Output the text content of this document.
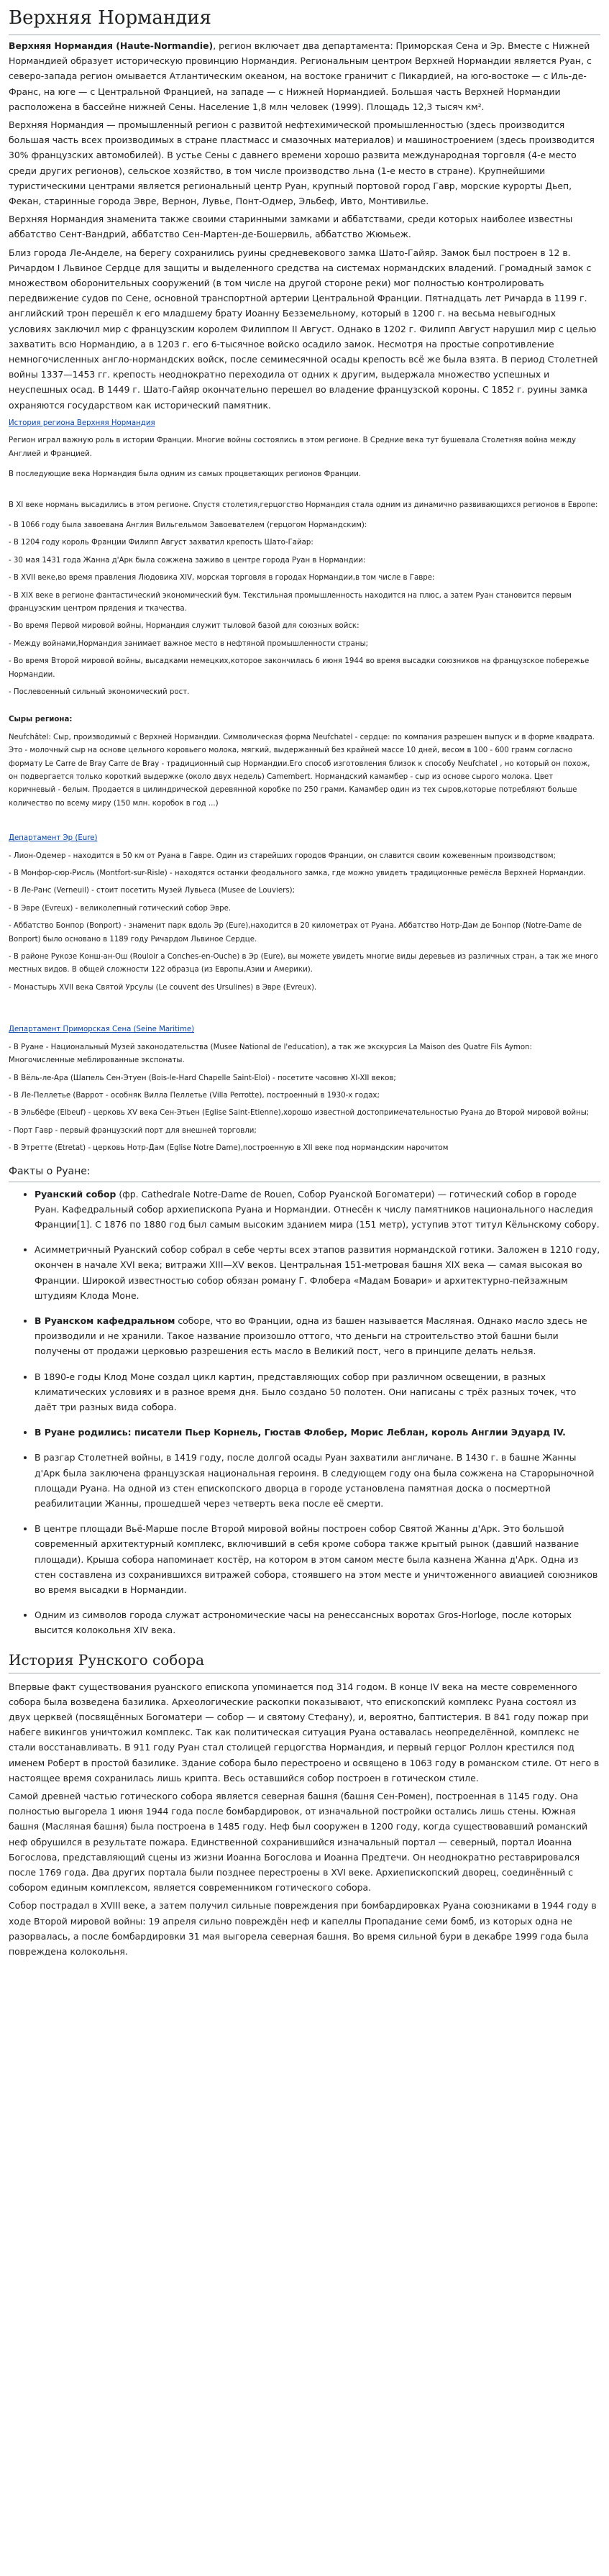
Верхняя Нормандия

Верхняя Нормандия (Haute-Normandie), регион включает два департамента: Приморская Сена и Эр. Вместе с Нижней Нормандией образует историческую провинцию Нормандия. Региональным центром Верхней Нормандии является Руан, с северо-запада регион омывается Атлантическим океаном, на востоке граничит с Пикардией, на юго-востоке — с Иль-де-Франс, на юге — с Центральной Францией, на западе — с Нижней Нормандией. Большая часть Верхней Нормандии расположена в бассейне нижней Сены. Население 1,8 млн человек (1999). Площадь 12,3 тысяч км².

Верхняя Нормандия — промышленный регион с развитой нефтехимической промышленностью (здесь производится большая часть всех производимых в стране пластмасс и смазочных материалов) и машиностроением (здесь производится 30% французских автомобилей). В устье Сены с давнего времени хорошо развита международная торговля (4-е место среди других регионов), сельское хозяйство, в том числе производство льна (1-е место в стране). Крупнейшими туристическими центрами является региональный центр Руан, крупный портовой город Гавр, морские курорты Дьеп, Фекан, старинные города Эвре, Вернон, Лувье, Понт-Одмер, Эльбеф, Ивто, Монтивилье.

Верхняя Нормандия знаменита также своими старинными замками и аббатствами, среди которых наиболее известны аббатство Сент-Вандрий, аббатство Сен-Мартен-де-Бошервиль, аббатство Жюмьеж.

Близ города Ле-Анделе, на берегу сохранились руины средневекового замка Шато-Гайяр. Замок был построен в 12 в. Ричардом I Львиное Сердце для защиты и выделенного средства на системах нормандских владений. Громадный замок с множеством оборонительных сооружений (в том числе на другой стороне реки) мог полностью контролировать передвижение судов по Сене, основной транспортной артерии Центральной Франции. Пятнадцать лет Ричарда в 1199 г. английский трон перешёл к его младшему брату Иоанну Безземельному, который в 1200 г. на весьма невыгодных условиях заключил мир с французским королем Филиппом II Август. Однако в 1202 г. Филипп Август нарушил мир с целью захватить всю Нормандию, а в 1203 г. его 6-тысячное войско осадило замок. Несмотря на простые сопротивление немногочисленных англо-нормандских войск, после семимесячной осады крепость всё же была взята. В период Столетней войны 1337—1453 гг. крепость неоднократно переходила от одних к другим, выдержала множество успешных и неуспешных осад. В 1449 г. Шато-Гайяр окончательно перешел во владение французской короны. С 1852 г. руины замка охраняются государством как исторический памятник.

История региона Верхняя Нормандия

Регион играл важную роль в истории Франции. Многие войны состоялись в этом регионе. В Средние века тут бушевала Столетняя война между Англией и Францией.

В последующие века Нормандия была одним из самых процветающих регионов Франции.

В XI веке нормань высадились в этом регионе. Спустя столетия,герцогство Нормандия стала одним из динамично развивающихся регионов в Европе:

- В 1066 году была завоевана Англия Вильгельмом Завоевателем (герцогом Нормандским):
- В 1204 году король Франции Филипп Август захватил крепость Шато-Гайар:
- 30 мая 1431 года Жанна д'Арк была сожжена заживо в центре города Руан в Нормандии:
- В XVII веке,во время правления Людовика XIV, морская торговля в городах Нормандии,в том числе в Гавре:
- В XIX веке в регионе фантастический экономический бум. Текстильная промышленность находится на плюс, а затем Руан становится первым французским центром прядения и ткачества.
- Во время Первой мировой войны, Нормандия служит тыловой базой для союзных войск:
- Между войнами,Нормандия занимает важное место в нефтяной промышленности страны;
- Во время Второй мировой войны, высадками немецких,которое закончилась 6 июня 1944 во время высадки союзников на французское побережье Нормандии.
- Послевоенный сильный экономический рост.
Сыры региона:

Neufchâtel: Сыр, производимый с Верхней Нормандии. Символическая форма Neufchatel - сердце: по компания разрешен выпуск и в форме квадрата. Это - молочный сыр на основе цельного коровьего молока, мягкий, выдержанный без крайней массе 10 дней, весом в 100 - 600 грамм согласно формату Le Carre de Bray Carre de Bray - традиционный сыр Нормандии.Его способ изготовления близок к способу Neufchatel , но который он похож, он подвергается только короткий выдержке (около двух недель) Camembert. Нормандский камамбер - сыр из основе сырого молока. Цвет коричневый - белым. Продается в цилиндрической деревянной коробке по 250 грамм. Камамбер один из тех сыров,которые потребляют больше количество по всему миру (150 млн. коробок в год ...)

Департамент Эр (Eure)
- Лион-Одемер - находится в 50 км от Руана в Гавре. Один из старейших городов Франции, он славится своим кожевенным производством;
- В Монфор-сюр-Рисль (Montfort-sur-Risle) - находятся останки феодального замка, где можно увидеть традиционные ремёсла Верхней Нормандии.
- В Ле-Ранс (Verneuil) - стоит посетить Музей Лувьеса (Musee de Louviers);
- В Эвре (Evreux) - великолепный готический собор Эвре.
- Аббатство Бонпор (Bonport) - знаменит парк вдоль Эр (Eure),находится в 20 километрах от Руана. Аббатство Нотр-Дам де Бонпор (Notre-Dame de Bonport) было основано в 1189 году Ричардом Львиное Сердце.
- В районе Рукозе Конш-ан-Ош (Rouloir a Conches-en-Ouche) в Эр (Eure), вы можете увидеть многие виды деревьев из различных стран, а так же много местных видов. В общей сложности 122 образца (из Европы,Азии и Америки).
- Монастырь XVII века Святой Урсулы (Le couvent des Ursulines) в Эвре (Evreux).
Департамент Приморская Сена (Seine Maritime)
- В Руане - Национальный Музей законодательства (Musee National de l'education), а так же экскурсия La Maison des Quatre Fils Aymon: Многочисленные меблированные экспонаты.
- В Вёль-ле-Ара (Шапель Сен-Этуен (Bois-le-Hard Chapelle Saint-Eloi) - посетите часовню XI-XII веков;
- В Ле-Пеллетье (Варрот - особняк Вилла Пеллетье (Villa Perrotte), построенный в 1930-х годах;
- В Эльбёфе (Elbeuf) - церковь XV века Сен-Этьен (Eglise Saint-Etienne),хорошо известной достопримечательностью Руана до Второй мировой войны;
- Порт Гавр - первый французский порт для внешней торговли;
- В Этретте (Etretat) - церковь Нотр-Дам (Eglise Notre Dame),построенную в XII веке под нормандским нарочитом
Факты о Руане:
• Руанский собор (фр. Cathedrale Notre-Dame de Rouen, Собор Руанской Богоматери) — готический собор в городе Руан. Кафедральный собор архиепископа Руана и Нормандии. Отнесён к числу памятников национального наследия Франции[1]. С 1876 по 1880 год был самым высоким зданием мира (151 метр), уступив этот титул Кёльнскому собору.
• Асимметричный Руанский собор собрал в себе черты всех этапов развития нормандской готики. Заложен в 1210 году, окончен в начале XVI века; витражи XIII—XV веков. Центральная 151-метровая башня XIX века — самая высокая во Франции. Широкой известностью собор обязан роману Г. Флобера «Мадам Бовари» и архитектурно-пейзажным штудиям Клода Моне.
• В Руанском кафедральном соборе, что во Франции, одна из башен называется Масляная. Однако масло здесь не производили и не хранили. Такое название произошло оттого, что деньги на строительство этой башни были получены от продажи церковью разрешения есть масло в Великий пост, чего в принципе делать нельзя.
• В 1890-е годы Клод Моне создал цикл картин, представляющих собор при различном освещении, в разных климатических условиях и в разное время дня. Было создано 50 полотен. Они написаны с трёх разных точек, что даёт три разных вида собора.
• В Руане родились: писатели Пьер Корнель, Гюстав Флобер, Морис Леблан, король Англии Эдуард IV.
• В разгар Столетней войны, в 1419 году, после долгой осады Руан захватили англичане. В 1430 г. в башне Жанны д'Арк была заключена французская национальная героиня. В следующем году она была сожжена на Старорыночной площади Руана. На одной из стен епископского дворца в городе установлена памятная доска о посмертной реабилитации Жанны, прошедшей через четверть века после её смерти.
• В центре площади Вьё-Марше после Второй мировой войны построен собор Святой Жанны д'Арк. Это большой современный архитектурный комплекс, включивший в себя кроме собора также крытый рынок (давший название площади). Крыша собора напоминает костёр, на котором в этом самом месте была казнена Жанна д'Арк. Одна из стен составлена из сохранившихся витражей собора, стоявшего на этом месте и уничтоженного авиацией союзников во время высадки в Нормандии.
• Одним из символов города служат астрономические часы на ренессансных воротах Gros-Horloge, после которых высится колокольня XIV века.
История Рунского собора

Впервые факт существования руанского епископа упоминается под 314 годом. В конце IV века на месте современного собора была возведена базилика. Археологические раскопки показывают, что епископский комплекс Руана состоял из двух церквей (посвящённых Богоматери — собор — и святому Стефану), и, вероятно, баптистерия. В 841 году пожар при набеге викингов уничтожил комплекс. Так как политическая ситуация Руана оставалась неопределённой, комплекс не стали восстанавливать. В 911 году Руан стал столицей герцогства Нормандия, и первый герцог Роллон крестился под именем Роберт в простой базилике. Здание собора было перестроено и освящено в 1063 году в романском стиле. От него в настоящее время сохранилась лишь крипта. Весь оставшийся собор построен в готическом стиле.

Самой древней частью готического собора является северная башня (башня Сен-Ромен), построенная в 1145 году. Она полностью выгорела 1 июня 1944 года после бомбардировок, от изначальной постройки остались лишь стены. Южная башня (Масляная башня) была построена в 1485 году. Неф был сооружен в 1200 году, когда существовавший романский неф обрушился в результате пожара. Единственной сохранившийся изначальный портал — северный, портал Иоанна Богослова, представляющий сцены из жизни Иоанна Богослова и Иоанна Предтечи. Он неоднократно реставрировался после 1769 года. Два других портала были позднее перестроены в XVI веке. Архиепископский дворец, соединённый с собором единым комплексом, является современником готического собора.

Собор пострадал в XVIII веке, а затем получил сильные повреждения при бомбардировках Руана союзниками в 1944 году в ходе Второй мировой войны: 19 апреля сильно повреждён неф и капеллы Пропадание семи бомб, из которых одна не разорвалась, а после бомбардировки 31 мая выгорела северная башня. Во время сильной бури в декабре 1999 года была повреждена колокольня.
